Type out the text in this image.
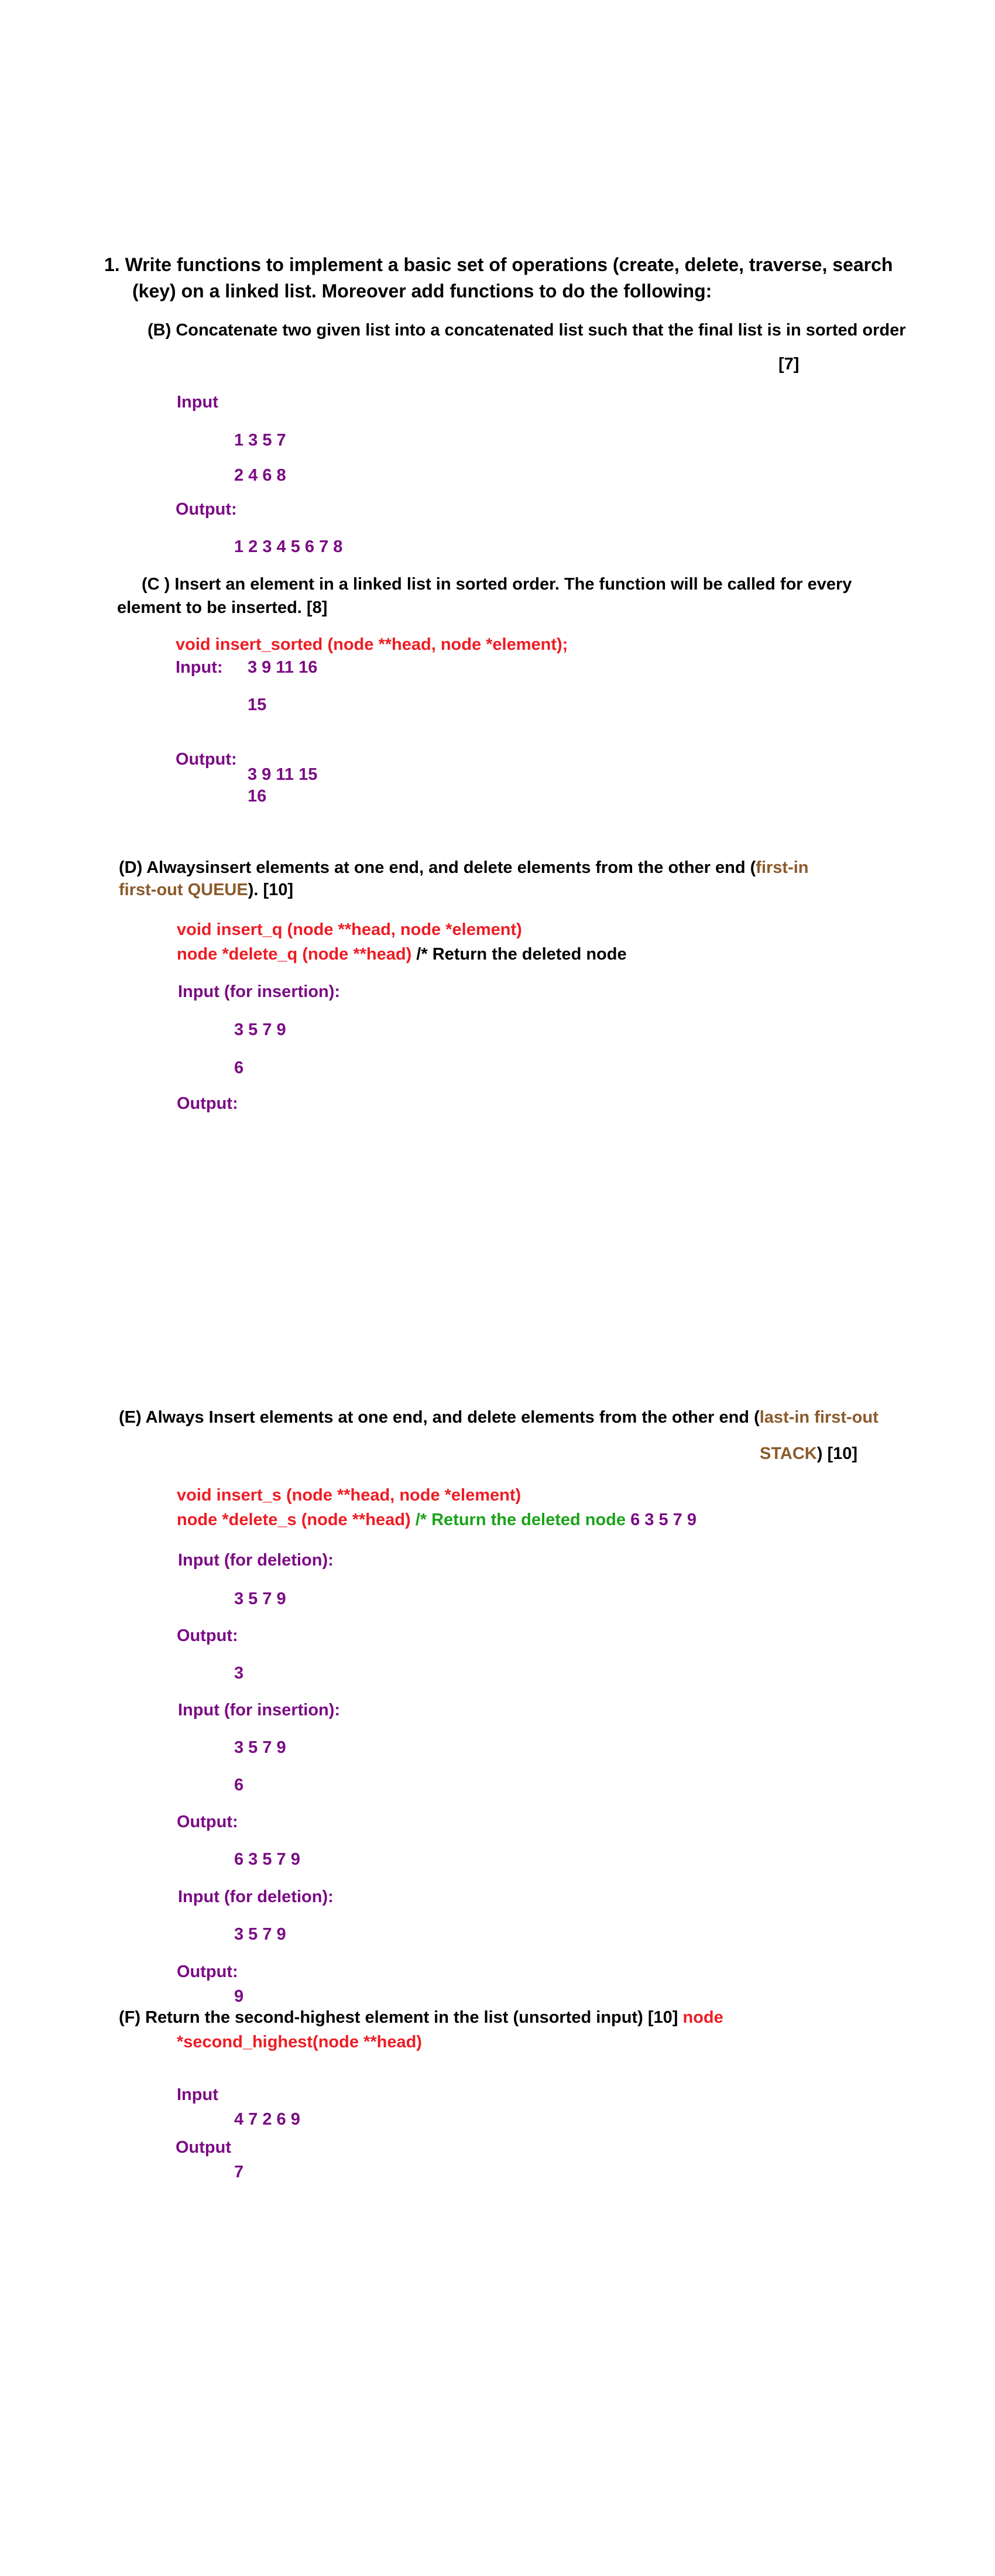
1. Write functions to implement a basic set of operations (create, delete, traverse, search
(key) on a linked list. Moreover add functions to do the following:
(B) Concatenate two given list into a concatenated list such that the final list is in sorted order
[7]
Input
1 3 5 7
2 4 6 8
Output:
1 2 3 4 5 6 7 8
(C ) Insert an element in a linked list in sorted order. The function will be called for every
element to be inserted. [8]
void insert_sorted (node **head, node *element);
Input: 3 9 11 16
15
Output:
3 9 11 15
16
(D) Alwaysinsert elements at one end, and delete elements from the other end (first-in
first-out QUEUE). [10]
void insert_q (node **head, node *element)
node *delete_q (node **head) /* Return the deleted node
Input (for insertion):
3 5 7 9
6
Output:
(E) Always Insert elements at one end, and delete elements from the other end (last-in first-out
STACK) [10]
void insert_s (node **head, node *element)
node *delete_s (node **head) /* Return the deleted node 6 3 5 7 9
Input (for deletion):
3 5 7 9
Output:
3
Input (for insertion):
3 5 7 9
6
Output:
6 3 5 7 9
Input (for deletion):
3 5 7 9
Output:
9
(F) Return the second-highest element in the list (unsorted input) [10] node
*second_highest(node **head)
Input
4 7 2 6 9
Output
7
